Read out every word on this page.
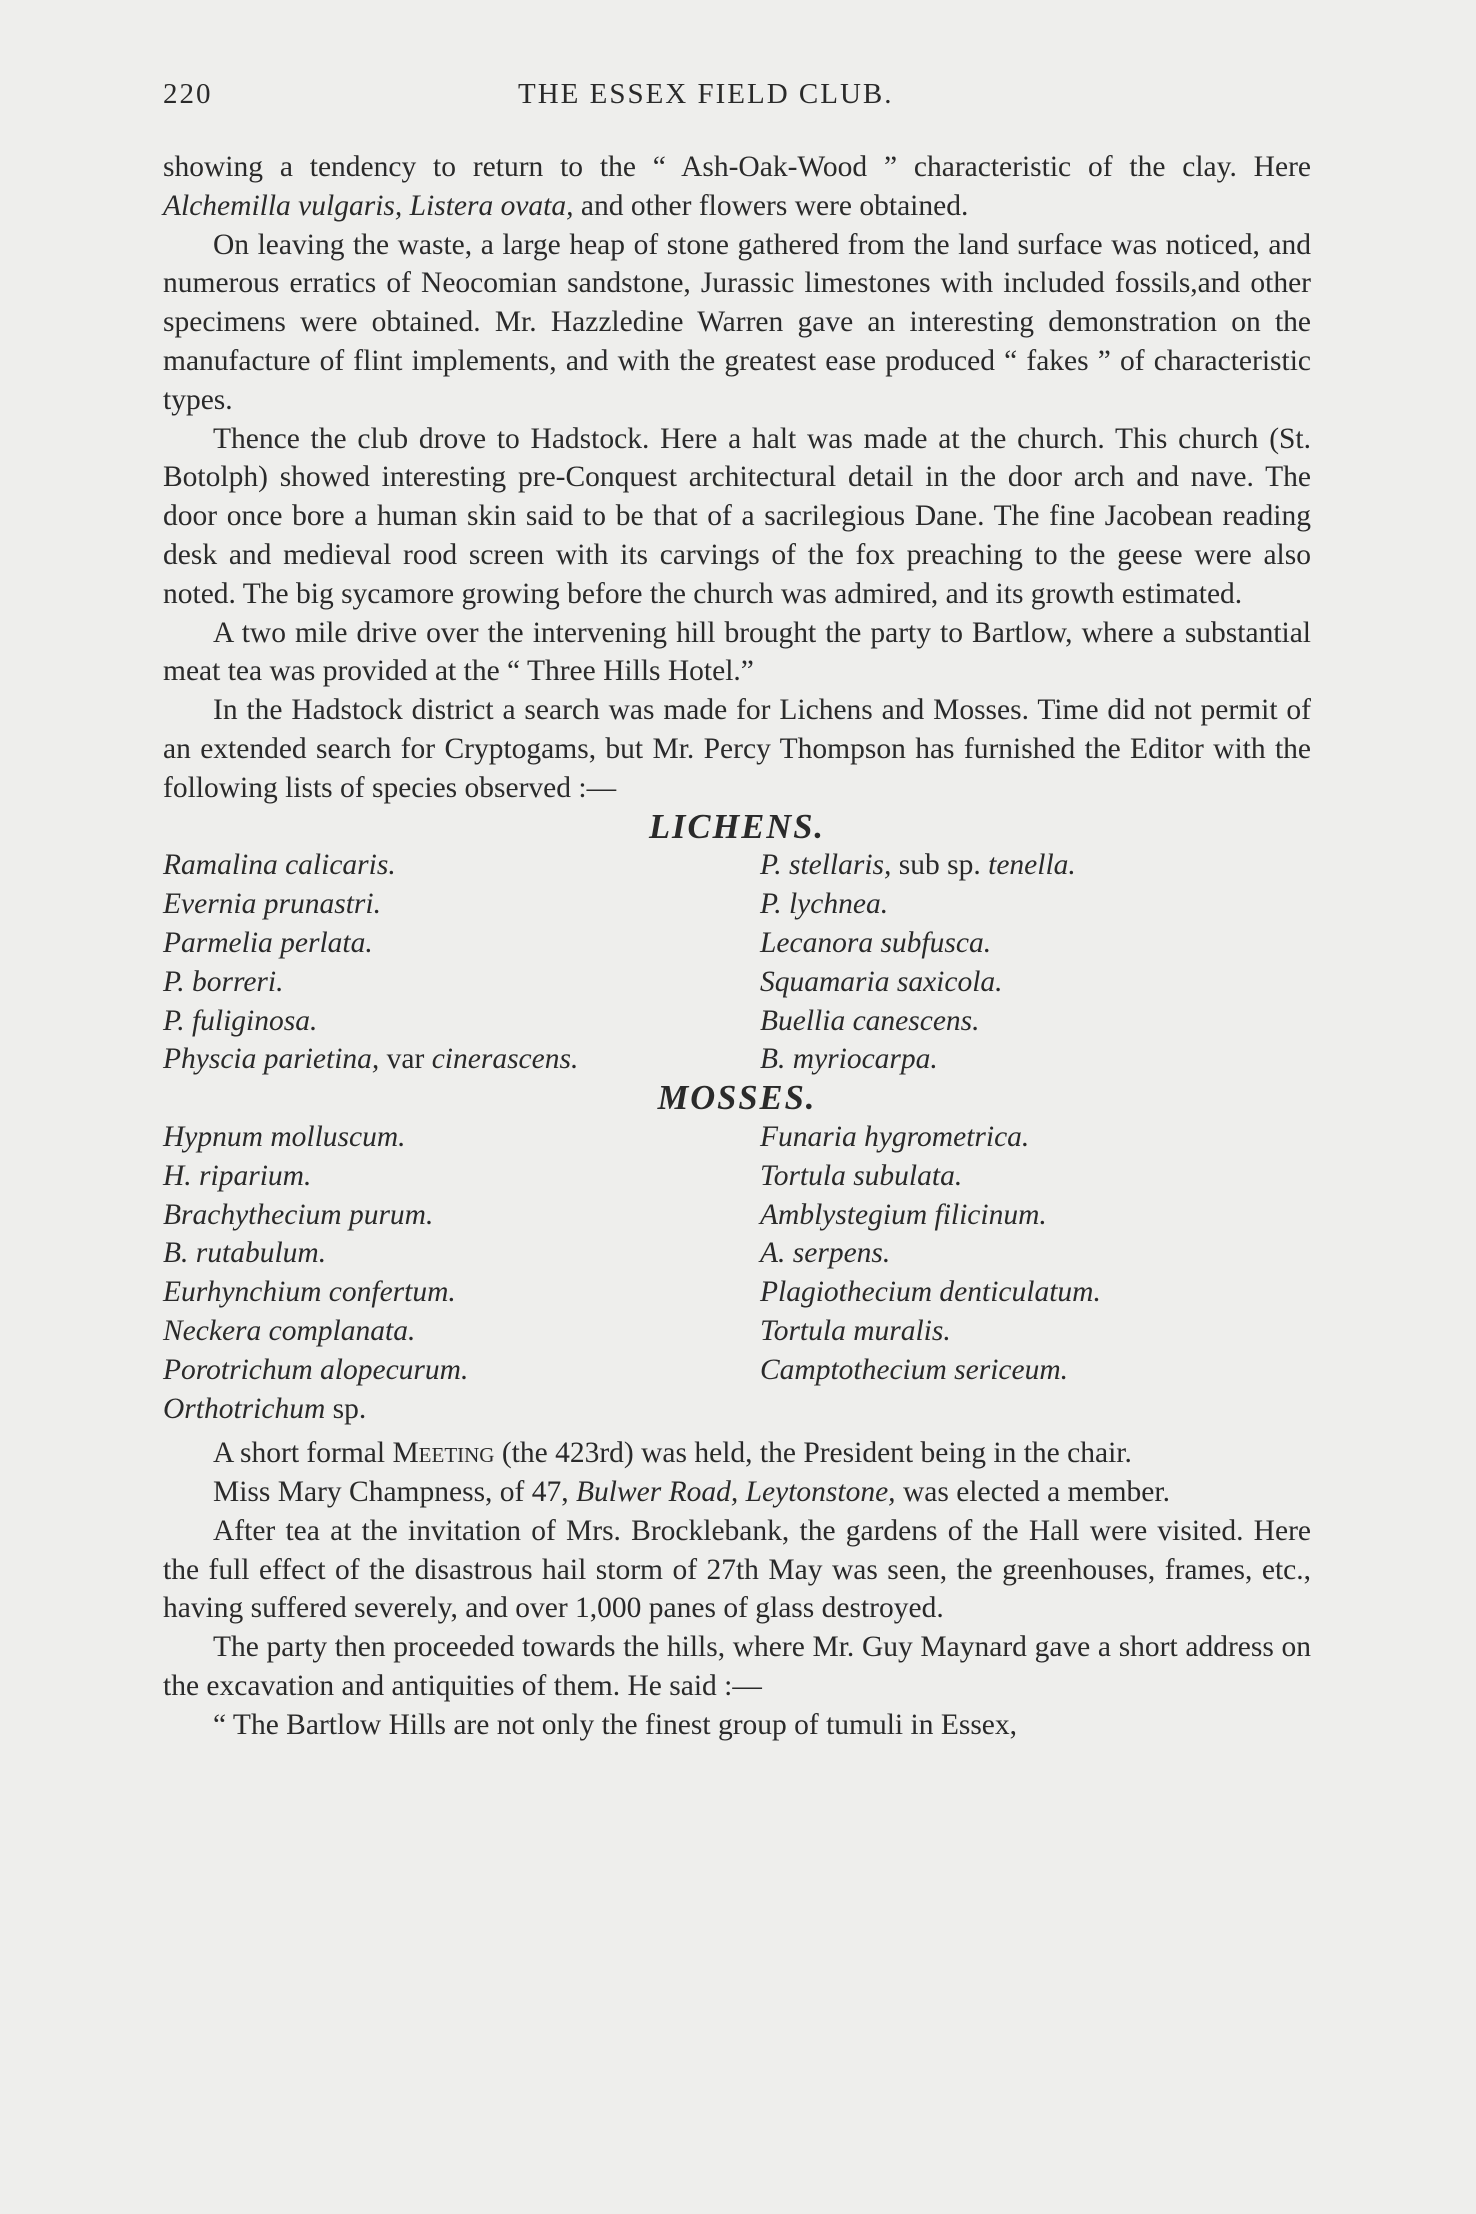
220	THE ESSEX FIELD CLUB.

showing a tendency to return to the “ Ash-Oak-Wood ” characteristic of the clay. Here Alchemilla vulgaris, Listera ovata, and other flowers were obtained.

On leaving the waste, a large heap of stone gathered from the land surface was noticed, and numerous erratics of Neocomian sandstone, Jurassic limestones with included fossils,and other specimens were obtained. Mr. Hazzledine Warren gave an interesting demonstration on the manufacture of flint implements, and with the greatest ease produced “ fakes ” of characteristic types.

Thence the club drove to Hadstock. Here a halt was made at the church. This church (St. Botolph) showed interesting pre-Conquest architectural detail in the door arch and nave. The door once bore a human skin said to be that of a sacrilegious Dane. The fine Jacobean reading desk and medieval rood screen with its carvings of the fox preaching to the geese were also noted. The big sycamore growing before the church was admired, and its growth estimated.

A two mile drive over the intervening hill brought the party to Bartlow, where a substantial meat tea was provided at the “ Three Hills Hotel.”

In the Hadstock district a search was made for Lichens and Mosses. Time did not permit of an extended search for Cryptogams, but Mr. Percy Thompson has furnished the Editor with the following lists of species observed :—

LICHENS.
Ramalina calicaris.	P. stellaris, sub sp. tenella.
Evernia prunastri.	P. lychnea.
Parmelia perlata.	Lecanora subfusca.
P. borreri.	Squamaria saxicola.
P. fuliginosa.	Buellia canescens.
Physcia parietina, var cinerascens.	B. myriocarpa.
MOSSES.
Hypnum molluscum.	Funaria hygrometrica.
H. riparium.	Tortula subulata.
Brachythecium purum.	Amblystegium filicinum.
B. rutabulum.	A. serpens.
Eurhynchium confertum.	Plagiothecium denticulatum.
Neckera complanata.	Tortula muralis.
Porotrichum alopecurum.	Camptothecium sericeum.
Orthotrichum sp.

A short formal Meeting (the 423rd) was held, the President being in the chair.

Miss Mary Champness, of 47, Bulwer Road, Leytonstone, was elected a member.

After tea at the invitation of Mrs. Brocklebank, the gardens of the Hall were visited. Here the full effect of the disastrous hail storm of 27th May was seen, the greenhouses, frames, etc., having suffered severely, and over 1,000 panes of glass destroyed.

The party then proceeded towards the hills, where Mr. Guy Maynard gave a short address on the excavation and antiquities of them. He said :—

“ The Bartlow Hills are not only the finest group of tumuli in Essex,
